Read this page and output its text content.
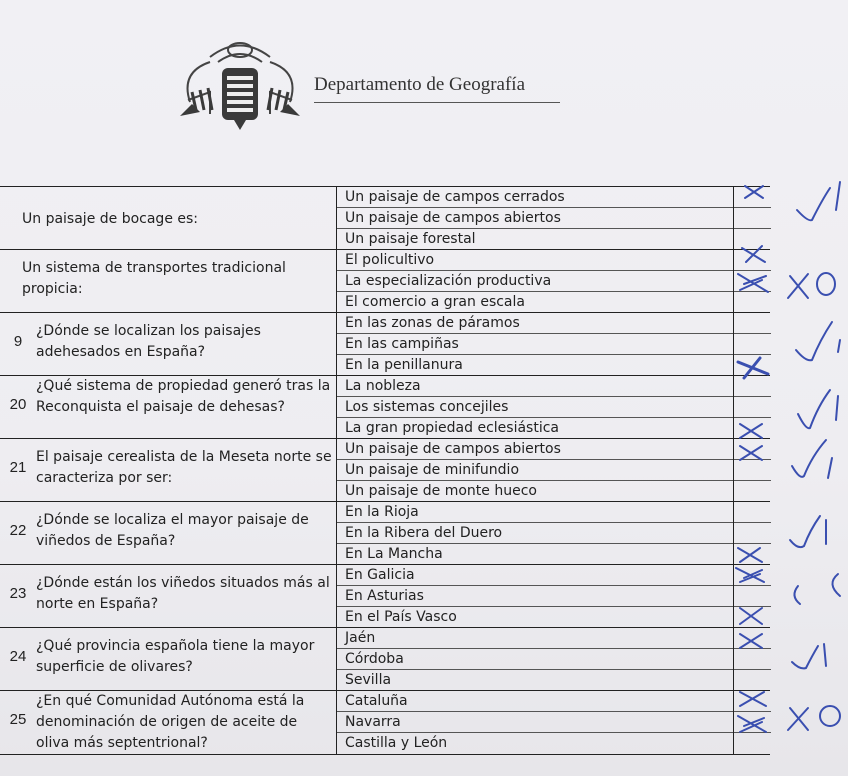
Departamento de Geografía
Un paisaje de bocage es:
Un paisaje de campos cerrados
Un paisaje de campos abiertos
Un paisaje forestal
Un sistema de transportes tradicional propicia:
El policultivo
La especialización productiva
El comercio a gran escala
9
¿Dónde se localizan los paisajes adehesados en España?
En las zonas de páramos
En las campiñas
En la penillanura
20
¿Qué sistema de propiedad generó tras la Reconquista el paisaje de dehesas?
La nobleza
Los sistemas concejiles
La gran propiedad eclesiástica
21
El paisaje cerealista de la Meseta norte se caracteriza por ser:
Un paisaje de campos abiertos
Un paisaje de minifundio
Un paisaje de monte hueco
22
¿Dónde se localiza el mayor paisaje de viñedos de España?
En la Rioja
En la Ribera del Duero
En La Mancha
23
¿Dónde están los viñedos situados más al norte en España?
En Galicia
En Asturias
En el País Vasco
24
¿Qué provincia española tiene la mayor superficie de olivares?
Jaén
Córdoba
Sevilla
25
¿En qué Comunidad Autónoma está la denominación de origen de aceite de oliva más septentrional?
Cataluña
Navarra
Castilla y León
